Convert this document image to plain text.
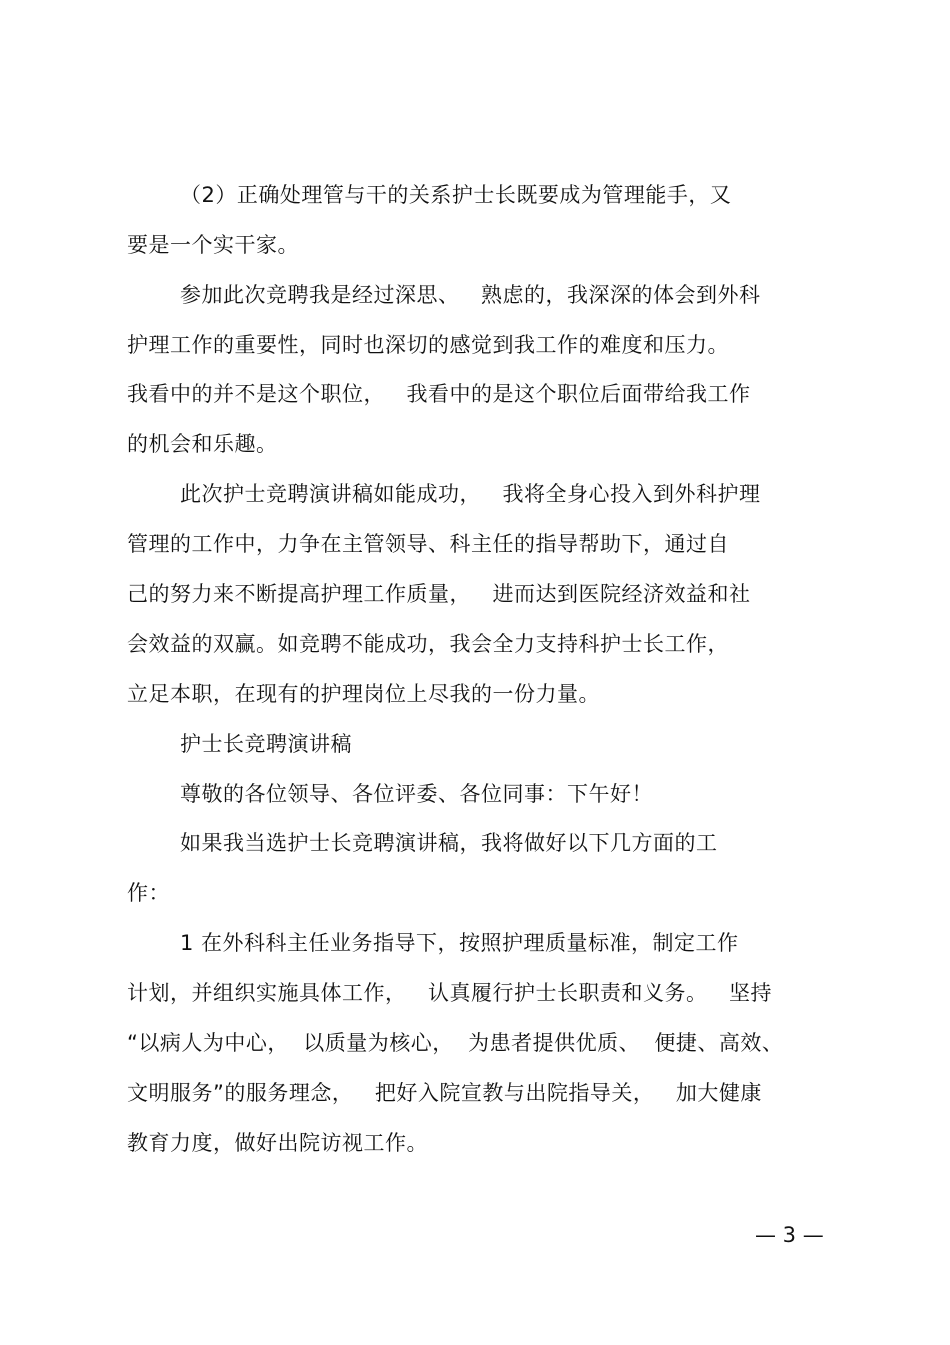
（2）正确处理管与干的关系护士长既要成为管理能手，又
要是一个实干家。
参加此次竞聘我是经过深思、   熟虑的，我深深的体会到外科
护理工作的重要性，同时也深切的感觉到我工作的难度和压力。
我看中的并不是这个职位，   我看中的是这个职位后面带给我工作
的机会和乐趣。
此次护士竞聘演讲稿如能成功，   我将全身心投入到外科护理
管理的工作中，力争在主管领导、科主任的指导帮助下，通过自
己的努力来不断提高护理工作质量，   进而达到医院经济效益和社
会效益的双赢。如竞聘不能成功，我会全力支持科护士长工作，
立足本职，在现有的护理岗位上尽我的一份力量。
护士长竞聘演讲稿
尊敬的各位领导、各位评委、各位同事：下午好！
如果我当选护士长竞聘演讲稿，我将做好以下几方面的工
作：
1 在外科科主任业务指导下，按照护理质量标准，制定工作
计划，并组织实施具体工作，   认真履行护士长职责和义务。   坚持
“以病人为中心，  以质量为核心，  为患者提供优质、  便捷、高效、
文明服务”的服务理念，   把好入院宣教与出院指导关，   加大健康
教育力度，做好出院访视工作。
— 3 —
